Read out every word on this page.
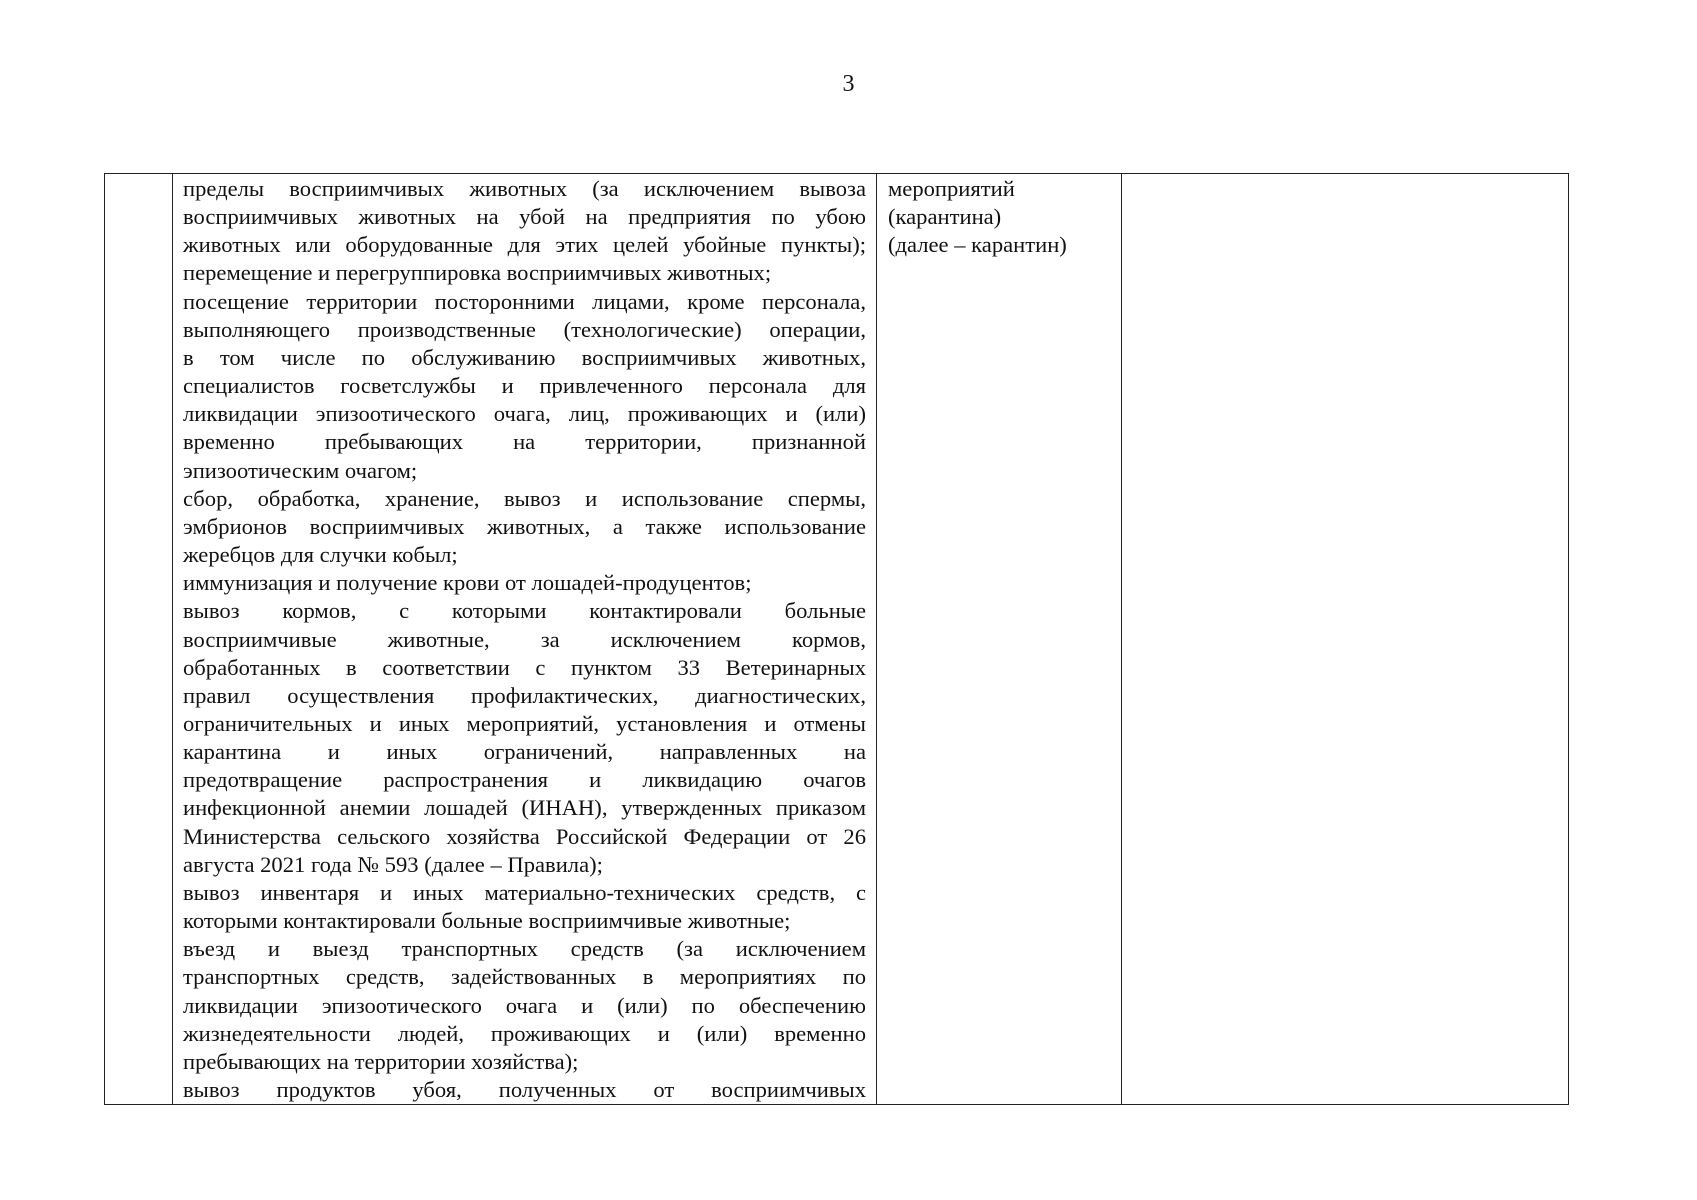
3

пределы восприимчивых животных (за исключением вывоза
восприимчивых животных на убой на предприятия по убою
животных или оборудованные для этих целей убойные пункты);
перемещение и перегруппировка восприимчивых животных;
посещение территории посторонними лицами, кроме персонала,
выполняющего производственные (технологические) операции,
в том числе по обслуживанию восприимчивых животных,
специалистов госветслужбы и привлеченного персонала для
ликвидации эпизоотического очага, лиц, проживающих и (или)
временно пребывающих на территории, признанной
эпизоотическим очагом;
сбор, обработка, хранение, вывоз и использование спермы,
эмбрионов восприимчивых животных, а также использование
жеребцов для случки кобыл;
иммунизация и получение крови от лошадей-продуцентов;
вывоз кормов, с которыми контактировали больные
восприимчивые животные, за исключением кормов,
обработанных в соответствии с пунктом 33 Ветеринарных
правил осуществления профилактических, диагностических,
ограничительных и иных мероприятий, установления и отмены
карантина и иных ограничений, направленных на
предотвращение распространения и ликвидацию очагов
инфекционной анемии лошадей (ИНАН), утвержденных приказом
Министерства сельского хозяйства Российской Федерации от 26
августа 2021 года № 593 (далее – Правила);
вывоз инвентаря и иных материально-технических средств, с
которыми контактировали больные восприимчивые животные;
въезд и выезд транспортных средств (за исключением
транспортных средств, задействованных в мероприятиях по
ликвидации эпизоотического очага и (или) по обеспечению
жизнедеятельности людей, проживающих и (или) временно
пребывающих на территории хозяйства);
вывоз продуктов убоя, полученных от восприимчивых

мероприятий
(карантина)
(далее – карантин)
